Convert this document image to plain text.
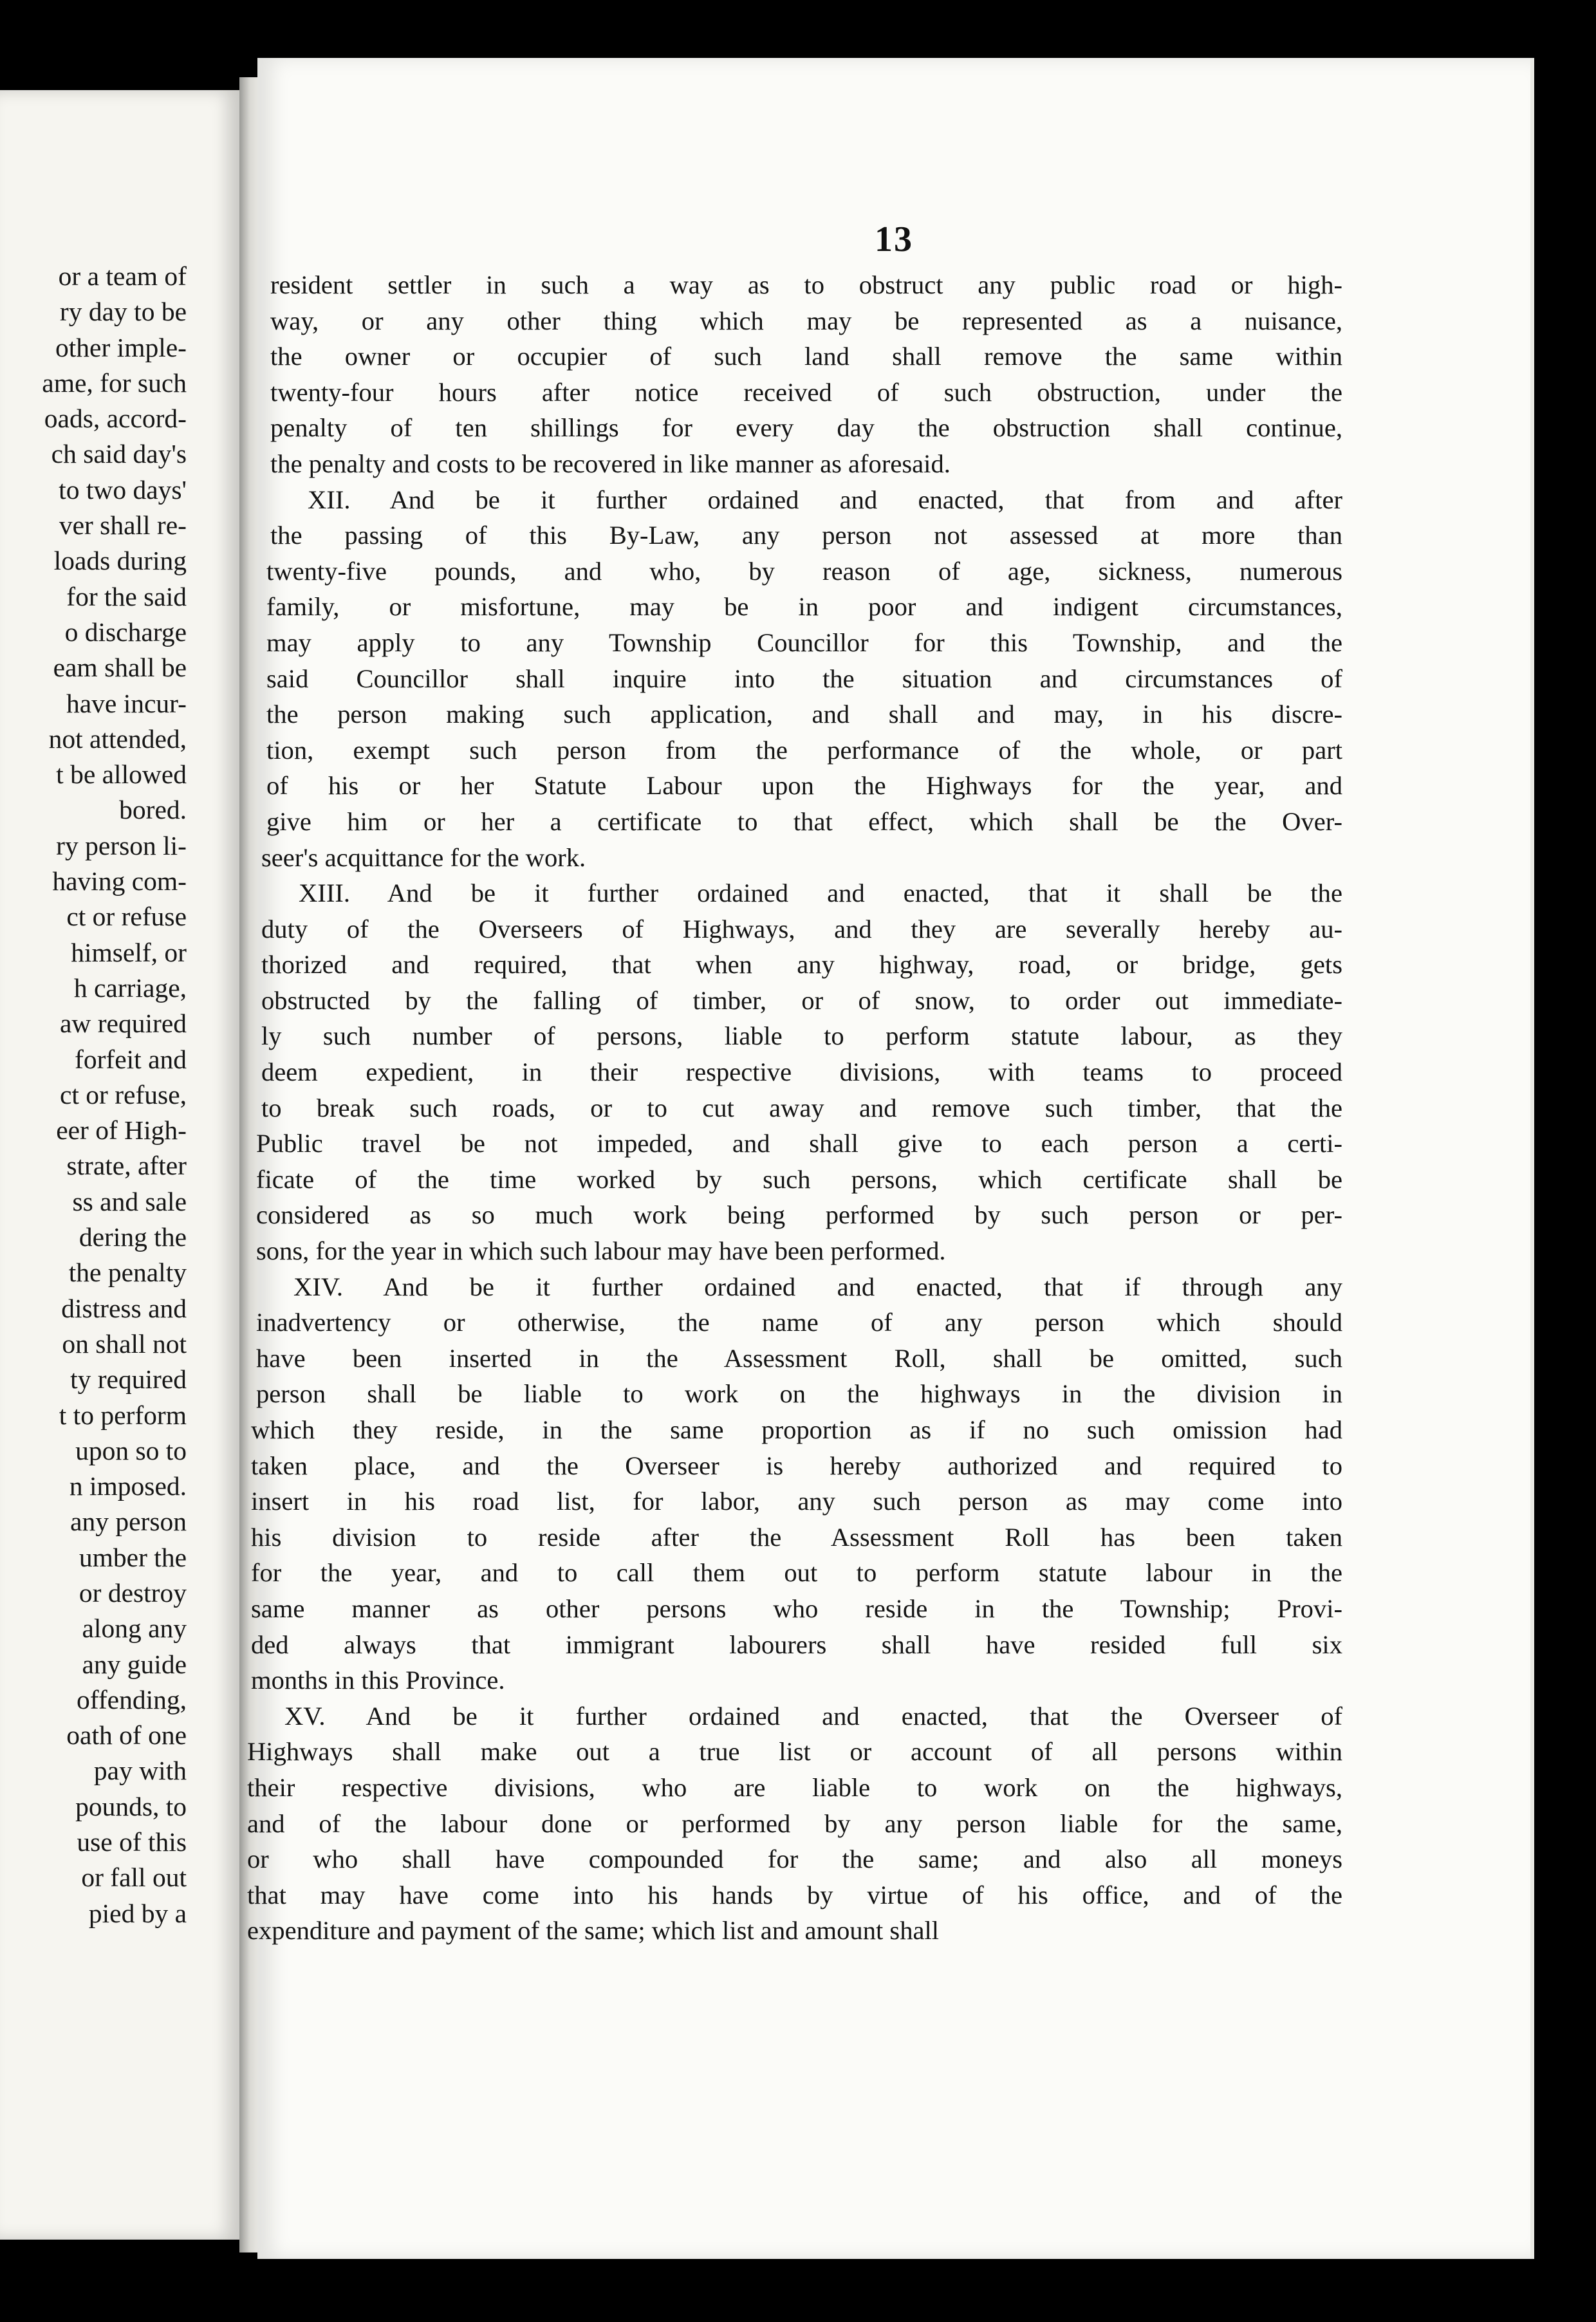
or a team of
ry day to be
other imple-
ame, for such
oads, accord-
ch said day's
to two days'
ver shall re-
loads during
for the said
o discharge
eam shall be
have incur-
not attended,
t be allowed
bored.
ry person li-
having com-
ct or refuse
himself, or
h carriage,
aw required
forfeit and
ct or refuse,
eer of High-
strate, after
ss and sale
dering the
the penalty
distress and
on shall not
ty required
t to perform
upon so to
n imposed.
any person
umber the
or destroy
along any
any guide
offending,
oath of one
pay with
pounds, to
use of this
or fall out
pied by a
13
resident settler in such a way as to obstruct any public road or high-
way, or any other thing which may be represented as a nuisance,
the owner or occupier of such land shall remove the same within
twenty-four hours after notice received of such obstruction, under the
penalty of ten shillings for every day the obstruction shall continue,
the penalty and costs to be recovered in like manner as aforesaid.
XII. And be it further ordained and enacted, that from and after
the passing of this By-Law, any person not assessed at more than
twenty-five pounds, and who, by reason of age, sickness, numerous
family, or misfortune, may be in poor and indigent circumstances,
may apply to any Township Councillor for this Township, and the
said Councillor shall inquire into the situation and circumstances of
the person making such application, and shall and may, in his discre-
tion, exempt such person from the performance of the whole, or part
of his or her Statute Labour upon the Highways for the year, and
give him or her a certificate to that effect, which shall be the Over-
seer's acquittance for the work.
XIII. And be it further ordained and enacted, that it shall be the
duty of the Overseers of Highways, and they are severally hereby au-
thorized and required, that when any highway, road, or bridge, gets
obstructed by the falling of timber, or of snow, to order out immediate-
ly such number of persons, liable to perform statute labour, as they
deem expedient, in their respective divisions, with teams to proceed
to break such roads, or to cut away and remove such timber, that the
Public travel be not impeded, and shall give to each person a certi-
ficate of the time worked by such persons, which certificate shall be
considered as so much work being performed by such person or per-
sons, for the year in which such labour may have been performed.
XIV. And be it further ordained and enacted, that if through any
inadvertency or otherwise, the name of any person which should
have been inserted in the Assessment Roll, shall be omitted, such
person shall be liable to work on the highways in the division in
which they reside, in the same proportion as if no such omission had
taken place, and the Overseer is hereby authorized and required to
insert in his road list, for labor, any such person as may come into
his division to reside after the Assessment Roll has been taken
for the year, and to call them out to perform statute labour in the
same manner as other persons who reside in the Township; Provi-
ded always that immigrant labourers shall have resided full six
months in this Province.
XV. And be it further ordained and enacted, that the Overseer of
Highways shall make out a true list or account of all persons within
their respective divisions, who are liable to work on the highways,
and of the labour done or performed by any person liable for the same,
or who shall have compounded for the same; and also all moneys
that may have come into his hands by virtue of his office, and of the
expenditure and payment of the same; which list and amount shall
